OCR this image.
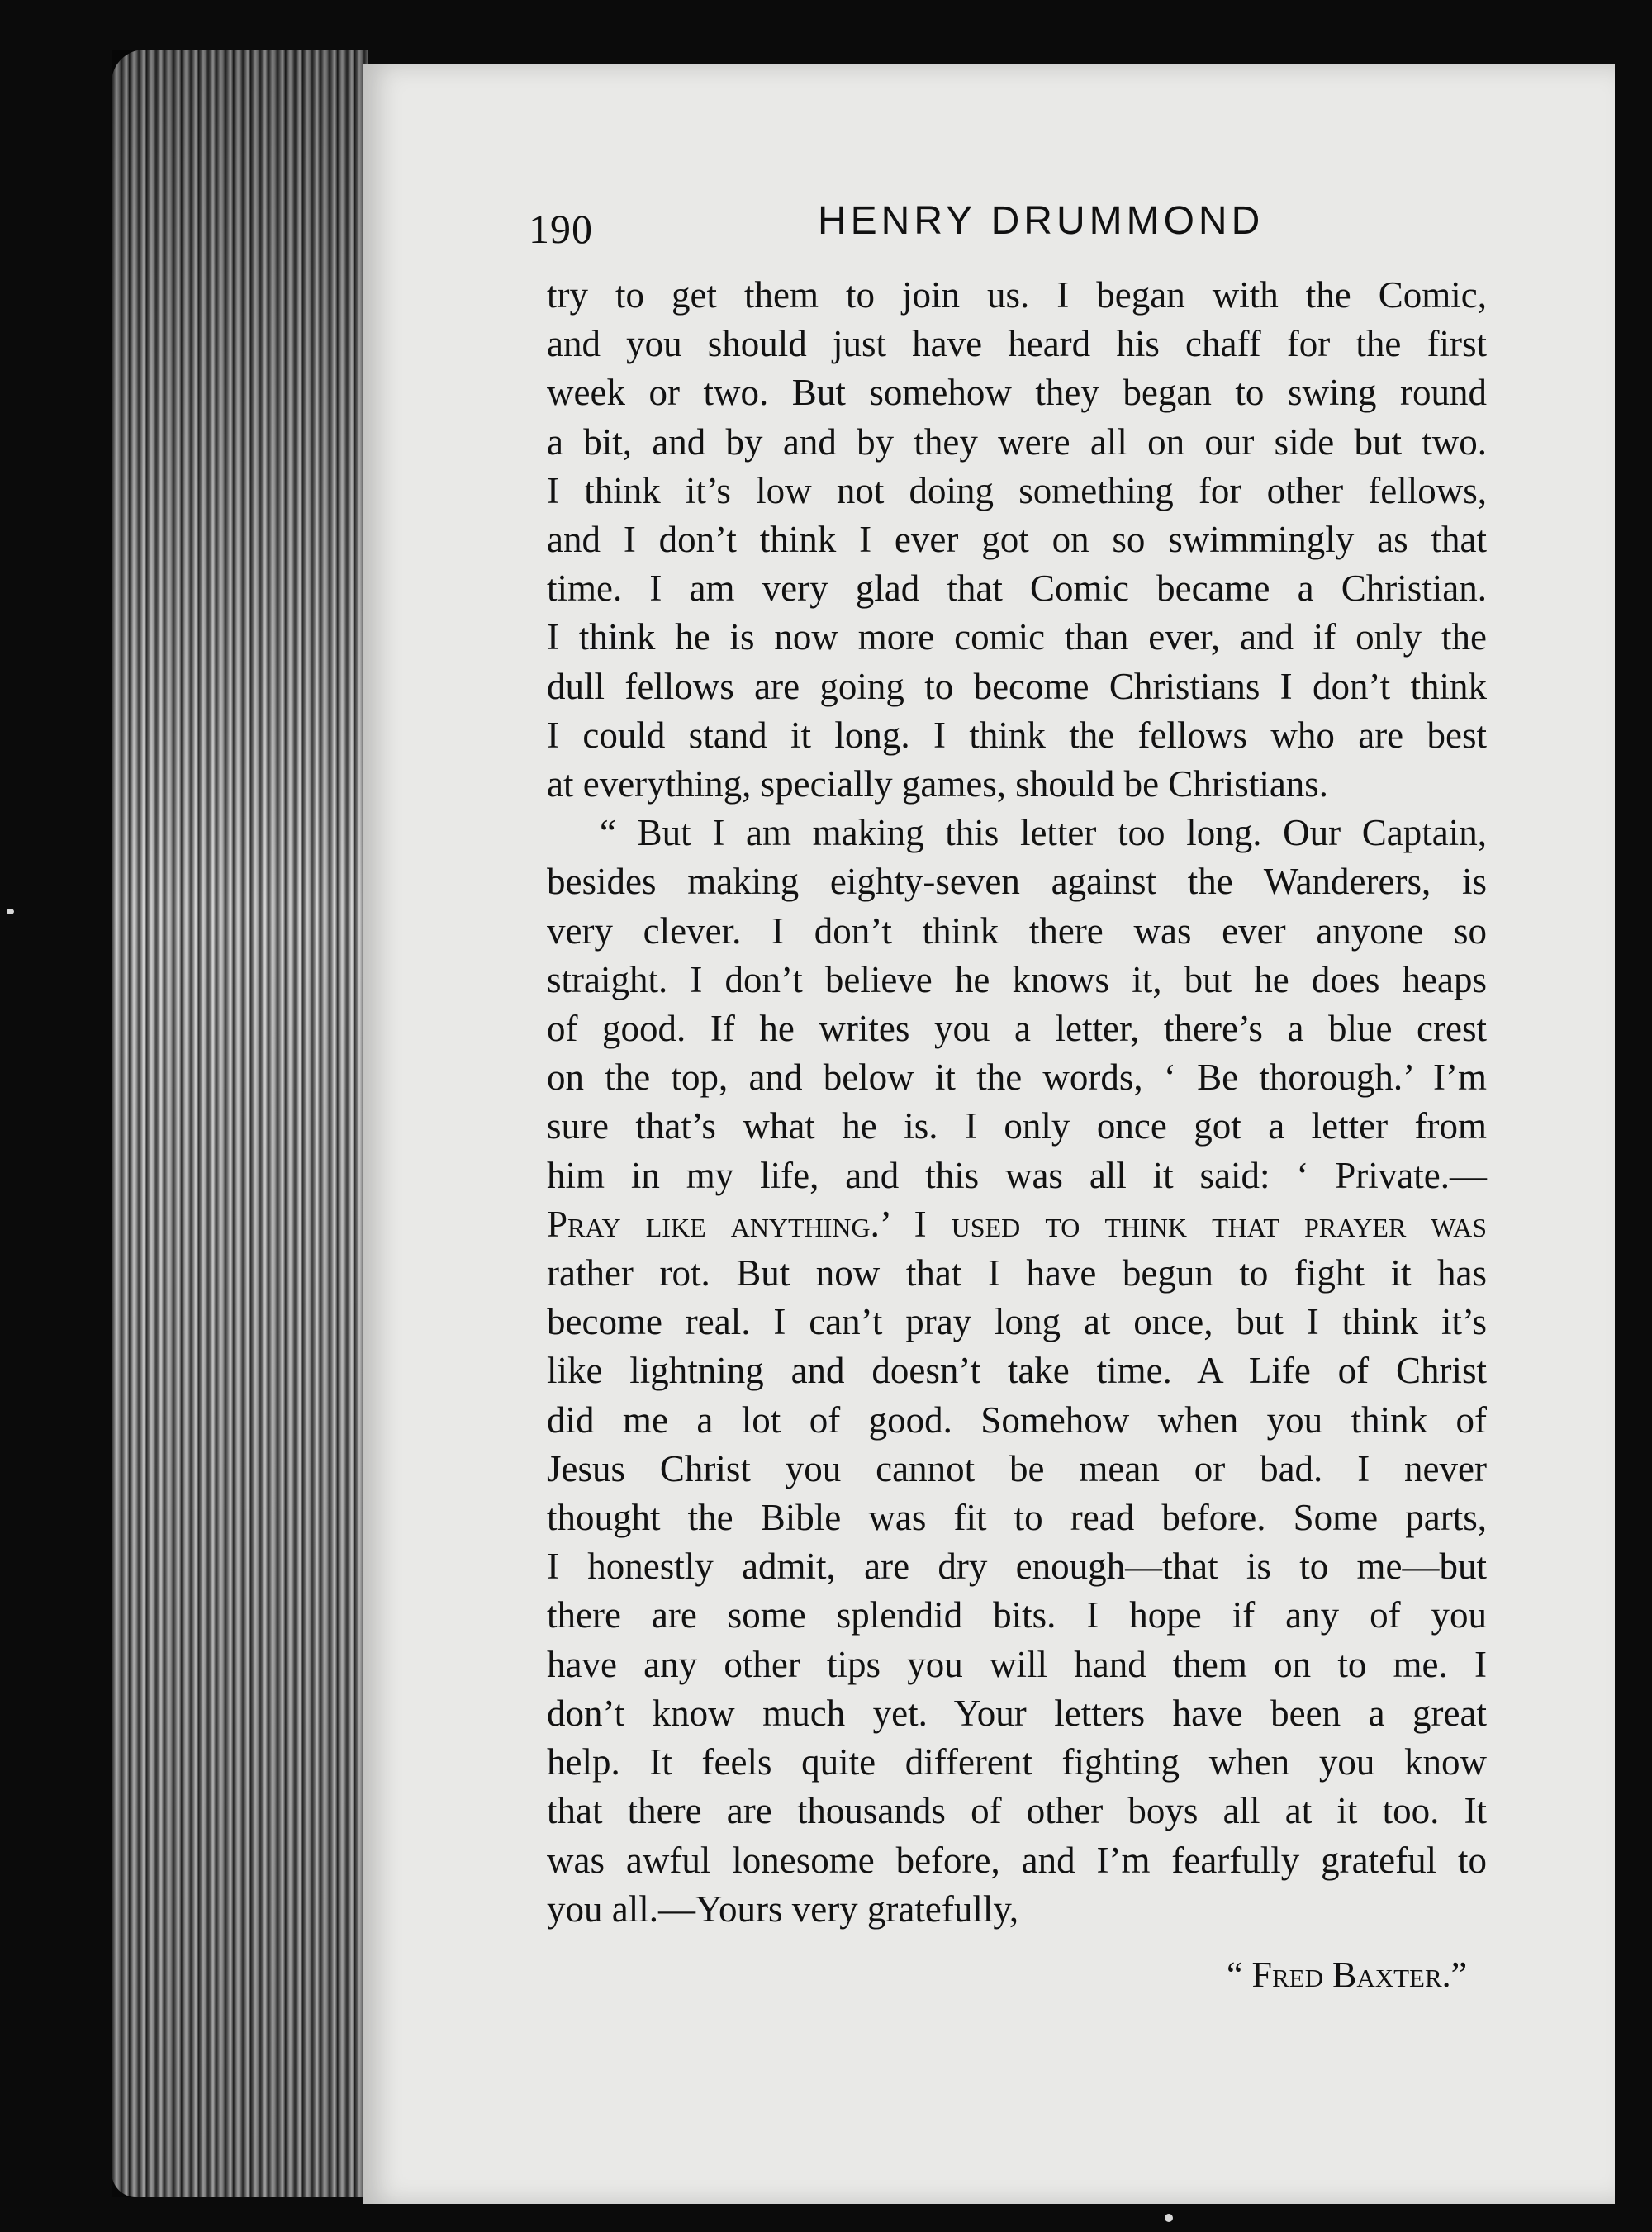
190	HENRY DRUMMOND
try to get them to join us. I began with the Comic,
and you should just have heard his chaff for the first
week or two. But somehow they began to swing round
a bit, and by and by they were all on our side but two.
I think it’s low not doing something for other fellows,
and I don’t think I ever got on so swimmingly as that
time. I am very glad that Comic became a Christian.
I think he is now more comic than ever, and if only the
dull fellows are going to become Christians I don’t think
I could stand it long. I think the fellows who are best
at everything, specially games, should be Christians.
“ But I am making this letter too long. Our Captain,
besides making eighty-seven against the Wanderers, is
very clever. I don’t think there was ever anyone so
straight. I don’t believe he knows it, but he does heaps
of good. If he writes you a letter, there’s a blue crest
on the top, and below it the words, ‘ Be thorough.’ I’m
sure that’s what he is. I only once got a letter from
him in my life, and this was all it said: ‘ Private.—
Pray like anything.’ I used to think that prayer was
rather rot. But now that I have begun to fight it has
become real. I can’t pray long at once, but I think it’s
like lightning and doesn’t take time. A Life of Christ
did me a lot of good. Somehow when you think of
Jesus Christ you cannot be mean or bad. I never
thought the Bible was fit to read before. Some parts,
I honestly admit, are dry enough—that is to me—but
there are some splendid bits. I hope if any of you
have any other tips you will hand them on to me. I
don’t know much yet. Your letters have been a great
help. It feels quite different fighting when you know
that there are thousands of other boys all at it too. It
was awful lonesome before, and I’m fearfully grateful to
you all.—Yours very gratefully,
“ Fred Baxter.”
